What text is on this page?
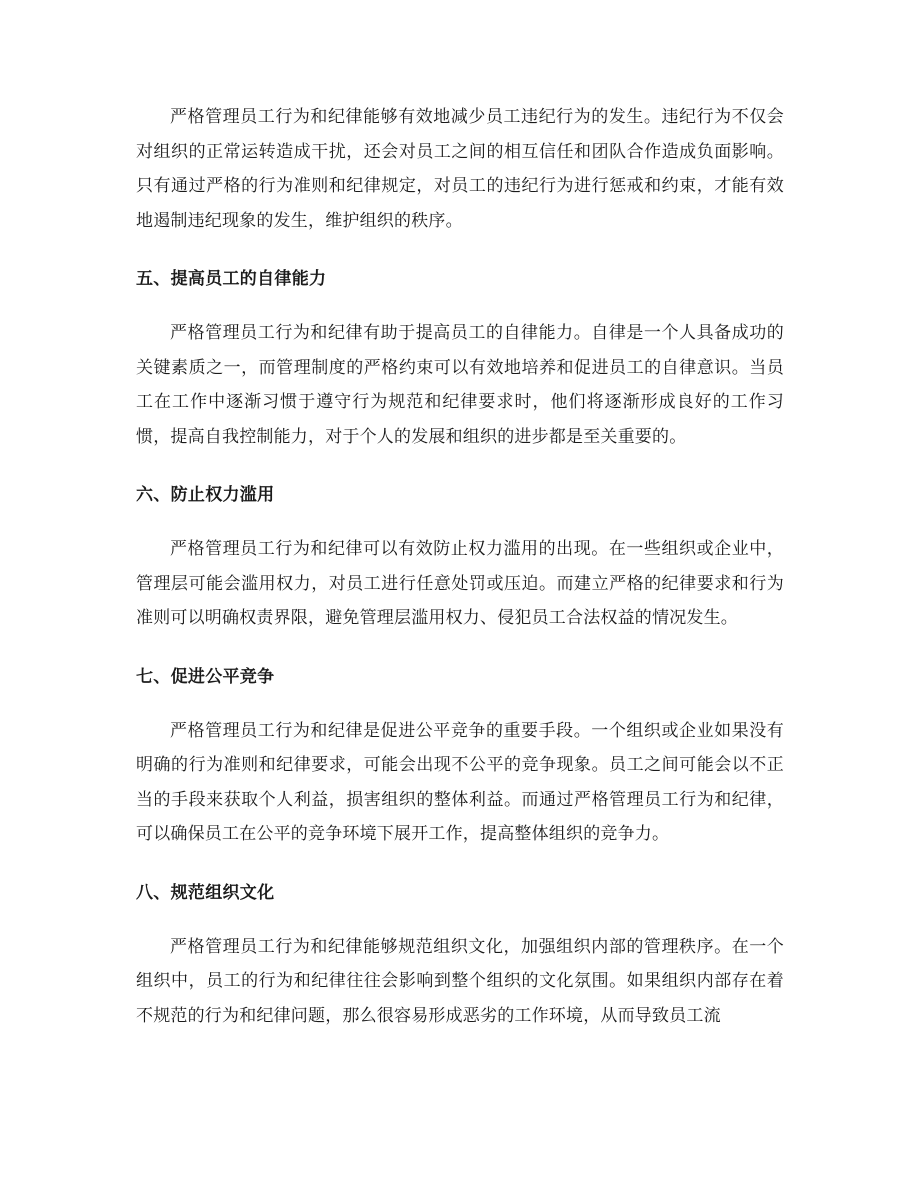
严格管理员工行为和纪律能够有效地减少员工违纪行为的发生。违纪行为不仅会对组织的正常运转造成干扰，还会对员工之间的相互信任和团队合作造成负面影响。只有通过严格的行为准则和纪律规定，对员工的违纪行为进行惩戒和约束，才能有效地遏制违纪现象的发生，维护组织的秩序。

五、提高员工的自律能力

严格管理员工行为和纪律有助于提高员工的自律能力。自律是一个人具备成功的关键素质之一，而管理制度的严格约束可以有效地培养和促进员工的自律意识。当员工在工作中逐渐习惯于遵守行为规范和纪律要求时，他们将逐渐形成良好的工作习惯，提高自我控制能力，对于个人的发展和组织的进步都是至关重要的。

六、防止权力滥用

严格管理员工行为和纪律可以有效防止权力滥用的出现。在一些组织或企业中，管理层可能会滥用权力，对员工进行任意处罚或压迫。而建立严格的纪律要求和行为准则可以明确权责界限，避免管理层滥用权力、侵犯员工合法权益的情况发生。

七、促进公平竞争

严格管理员工行为和纪律是促进公平竞争的重要手段。一个组织或企业如果没有明确的行为准则和纪律要求，可能会出现不公平的竞争现象。员工之间可能会以不正当的手段来获取个人利益，损害组织的整体利益。而通过严格管理员工行为和纪律，可以确保员工在公平的竞争环境下展开工作，提高整体组织的竞争力。

八、规范组织文化

严格管理员工行为和纪律能够规范组织文化，加强组织内部的管理秩序。在一个组织中，员工的行为和纪律往往会影响到整个组织的文化氛围。如果组织内部存在着不规范的行为和纪律问题，那么很容易形成恶劣的工作环境，从而导致员工流
